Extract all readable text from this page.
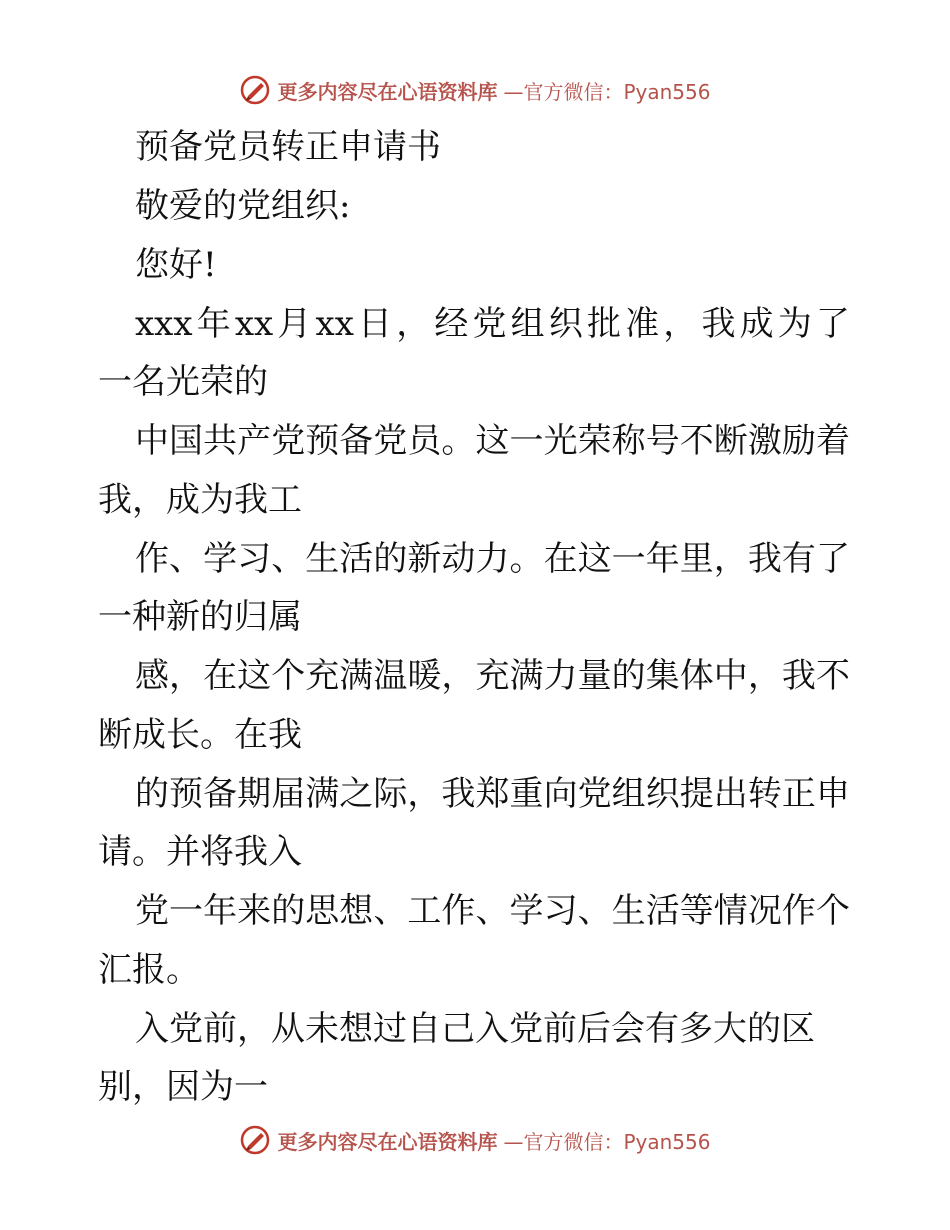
更多内容尽在心语资料库 —官方微信：Pyan556
预备党员转正申请书
敬爱的党组织:
您好!
xxx 年 xx 月 xx 日 ， 经 党 组 织 批 准 ， 我 成 为 了
一名光荣的
中 国 共 产 党 预 备 党 员 。 这 一 光 荣 称 号 不 断 激 励 着
我，成为我工
作 、 学 习 、 生 活 的 新 动 力 。 在 这 一 年 里 ， 我 有 了
一种新的归属
感 ， 在 这 个 充 满 温 暖 ， 充 满 力 量 的 集 体 中 ， 我 不
断成长。在我
的 预 备 期 届 满 之 际 ， 我 郑 重 向 党 组 织 提 出 转 正 申
请。并将我入
党 一 年 来 的 思 想 、 工 作 、 学 习 、 生 活 等 情 况 作 个
汇报。
入 党 前 ， 从 未 想 过 自 己 入 党 前 后 会 有 多 大 的 区
别，因为一
更多内容尽在心语资料库 —官方微信：Pyan556
